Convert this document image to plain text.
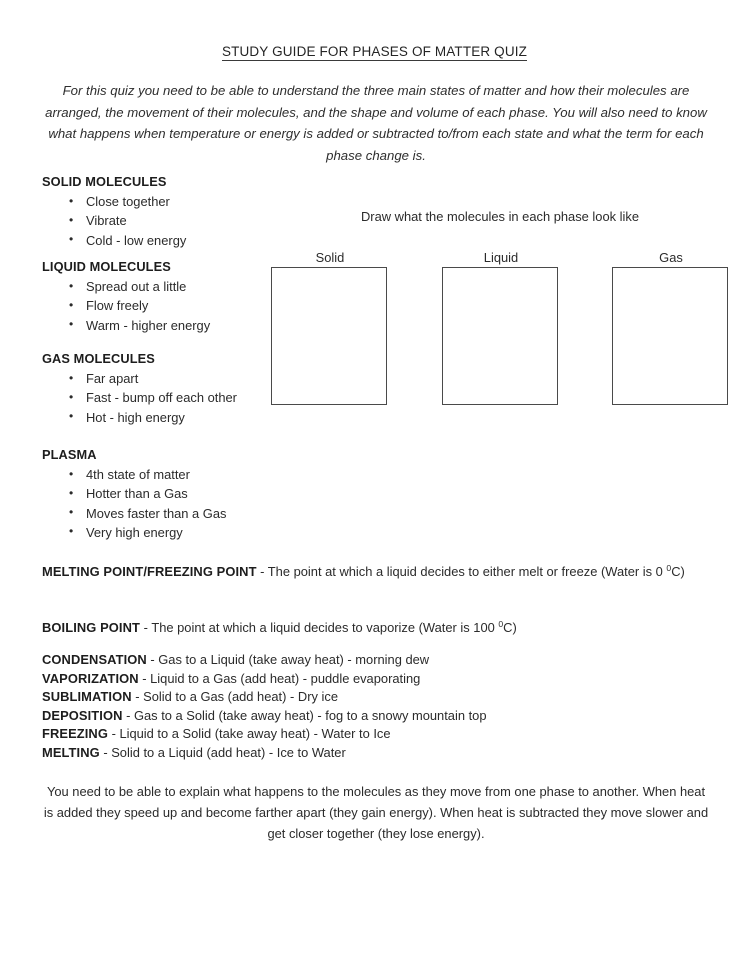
STUDY GUIDE FOR PHASES OF MATTER QUIZ
For this quiz you need to be able to understand the three main states of matter and how their molecules are arranged, the movement of their molecules, and the shape and volume of each phase. You will also need to know what happens when temperature or energy is added or subtracted to/from each state and what the term for each phase change is.
SOLID MOLECULES
• Close together
• Vibrate
• Cold - low energy
LIQUID MOLECULES
• Spread out a little
• Flow freely
• Warm - higher energy
GAS MOLECULES
• Far apart
• Fast - bump off each other
• Hot - high energy
PLASMA
• 4th state of matter
• Hotter than a Gas
• Moves faster than a Gas
• Very high energy
Draw what the molecules in each phase look like
Solid	Liquid	Gas
MELTING POINT/FREEZING POINT - The point at which a liquid decides to either melt or freeze (Water is 0 $^0$C)
BOILING POINT - The point at which a liquid decides to vaporize (Water is 100 $^0$C)
CONDENSATION - Gas to a Liquid (take away heat) - morning dew
VAPORIZATION - Liquid to a Gas (add heat) - puddle evaporating
SUBLIMATION - Solid to a Gas (add heat) - Dry ice
DEPOSITION - Gas to a Solid (take away heat) - fog to a snowy mountain top
FREEZING - Liquid to a Solid (take away heat) - Water to Ice
MELTING - Solid to a Liquid (add heat) - Ice to Water
You need to be able to explain what happens to the molecules as they move from one phase to another. When heat is added they speed up and become farther apart (they gain energy). When heat is subtracted they move slower and get closer together (they lose energy).
